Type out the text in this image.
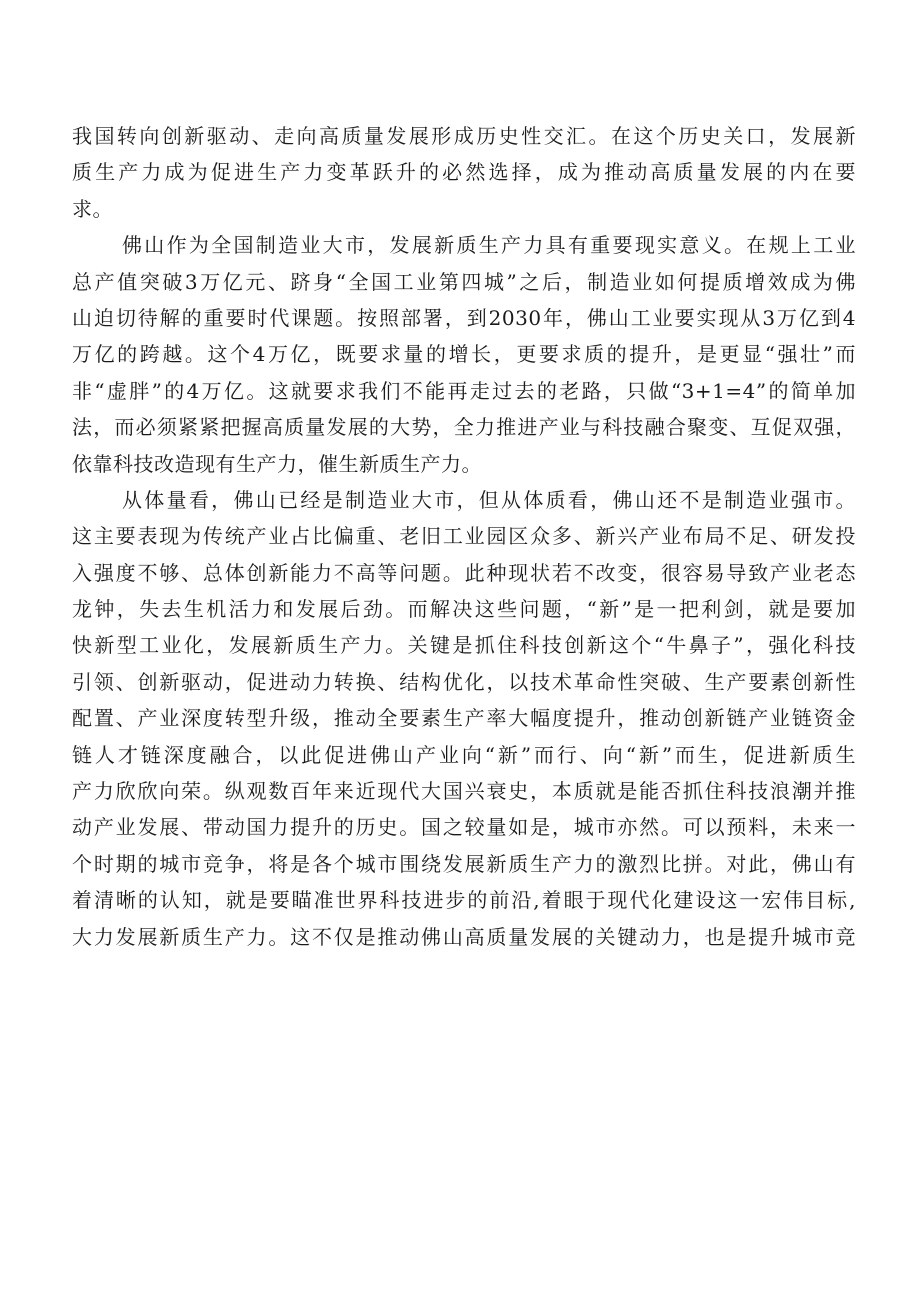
我国转向创新驱动、走向高质量发展形成历史性交汇。在这个历史关口，发展新
质生产力成为促进生产力变革跃升的必然选择，成为推动高质量发展的内在要
求。
佛山作为全国制造业大市，发展新质生产力具有重要现实意义。在规上工业
总产值突破3万亿元、跻身“全国工业第四城”之后，制造业如何提质增效成为佛
山迫切待解的重要时代课题。按照部署，到2030年，佛山工业要实现从3万亿到4
万亿的跨越。这个4万亿，既要求量的增长，更要求质的提升，是更显“强壮”而
非“虚胖”的4万亿。这就要求我们不能再走过去的老路，只做“3+1=4”的简单加
法，而必须紧紧把握高质量发展的大势，全力推进产业与科技融合聚变、互促双强，
依靠科技改造现有生产力，催生新质生产力。
从体量看，佛山已经是制造业大市，但从体质看，佛山还不是制造业强市。
这主要表现为传统产业占比偏重、老旧工业园区众多、新兴产业布局不足、研发投
入强度不够、总体创新能力不高等问题。此种现状若不改变，很容易导致产业老态
龙钟，失去生机活力和发展后劲。而解决这些问题，“新”是一把利剑，就是要加
快新型工业化，发展新质生产力。关键是抓住科技创新这个“牛鼻子”，强化科技
引领、创新驱动，促进动力转换、结构优化，以技术革命性突破、生产要素创新性
配置、产业深度转型升级，推动全要素生产率大幅度提升，推动创新链产业链资金
链人才链深度融合，以此促进佛山产业向“新”而行、向“新”而生，促进新质生
产力欣欣向荣。纵观数百年来近现代大国兴衰史，本质就是能否抓住科技浪潮并推
动产业发展、带动国力提升的历史。国之较量如是，城市亦然。可以预料，未来一
个时期的城市竞争，将是各个城市围绕发展新质生产力的激烈比拼。对此，佛山有
着清晰的认知，就是要瞄准世界科技进步的前沿,着眼于现代化建设这一宏伟目标,
大力发展新质生产力。这不仅是推动佛山高质量发展的关键动力，也是提升城市竞
